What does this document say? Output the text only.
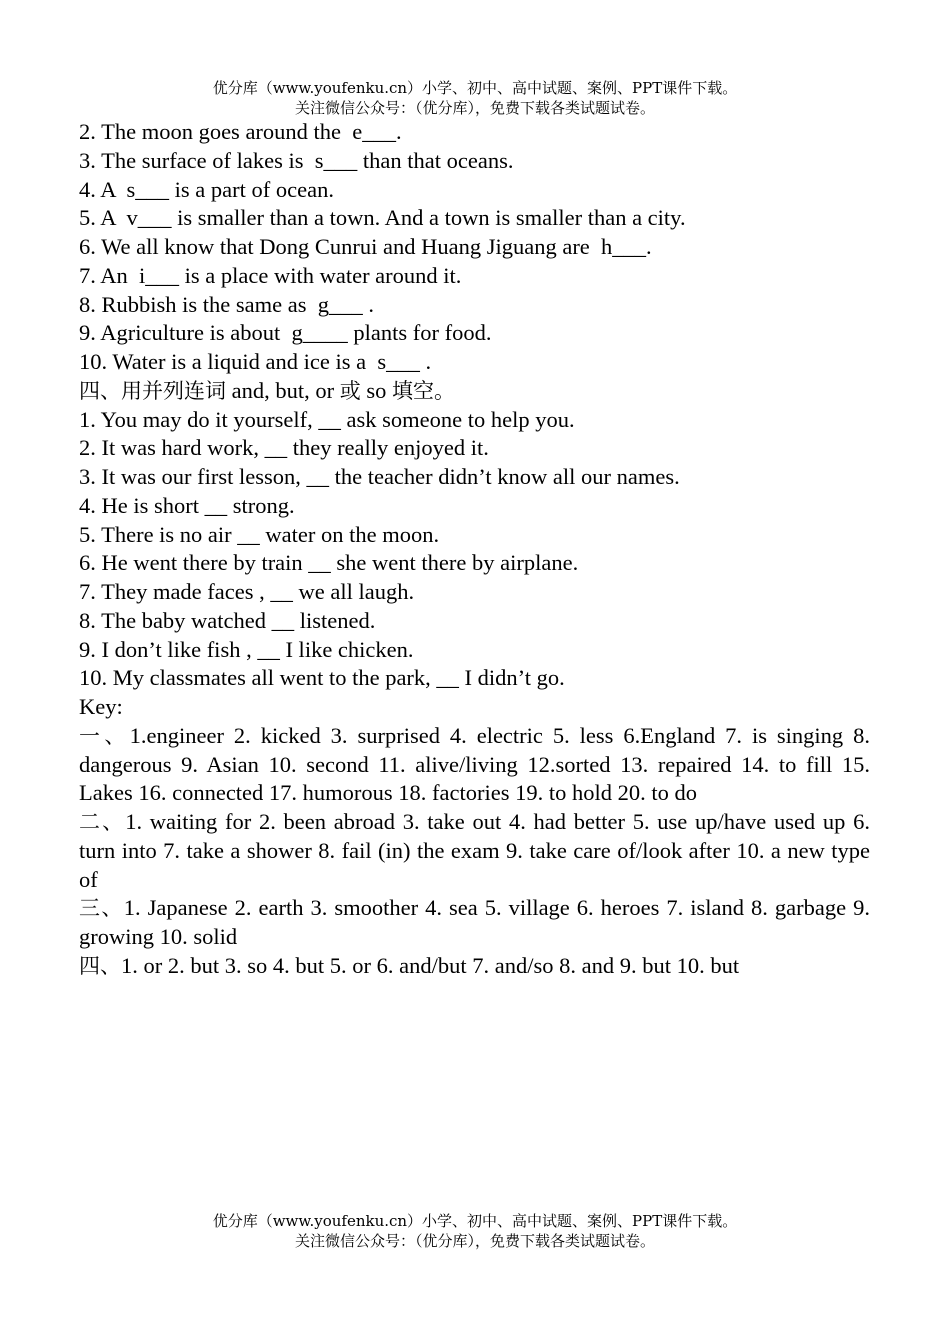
优分库（www.youfenku.cn）小学、初中、高中试题、案例、PPT课件下载。
关注微信公众号：（优分库），免费下载各类试题试卷。
2. The moon goes around the  e___.
3. The surface of lakes is  s___ than that oceans.
4. A  s___ is a part of ocean.
5. A  v___ is smaller than a town. And a town is smaller than a city.
6. We all know that Dong Cunrui and Huang Jiguang are  h___.
7. An  i___ is a place with water around it.
8. Rubbish is the same as  g___ .
9. Agriculture is about  g____ plants for food.
10. Water is a liquid and ice is a  s___ .
四、用并列连词 and, but, or 或 so 填空。
1. You may do it yourself, __ ask someone to help you.
2. It was hard work, __ they really enjoyed it.
3. It was our first lesson, __ the teacher didn’t know all our names.
4. He is short __ strong.
5. There is no air __ water on the moon.
6. He went there by train __ she went there by airplane.
7. They made faces , __ we all laugh.
8. The baby watched __ listened.
9. I don’t like fish , __ I like chicken.
10. My classmates all went to the park, __ I didn’t go.
Key:
一、1.engineer 2. kicked 3. surprised 4. electric 5. less 6.England 7. is singing 8. dangerous 9. Asian 10. second 11. alive/living 12.sorted 13. repaired 14. to fill 15. Lakes 16. connected 17. humorous 18. factories 19. to hold 20. to do
二、1. waiting for 2. been abroad 3. take out 4. had better 5. use up/have used up 6. turn into 7. take a shower 8. fail (in) the exam 9. take care of/look after 10. a new type of
三、1. Japanese 2. earth 3. smoother 4. sea 5. village 6. heroes 7. island 8. garbage 9. growing 10. solid
四、1. or 2. but 3. so 4. but 5. or 6. and/but 7. and/so 8. and 9. but 10. but
优分库（www.youfenku.cn）小学、初中、高中试题、案例、PPT课件下载。
关注微信公众号：（优分库），免费下载各类试题试卷。
